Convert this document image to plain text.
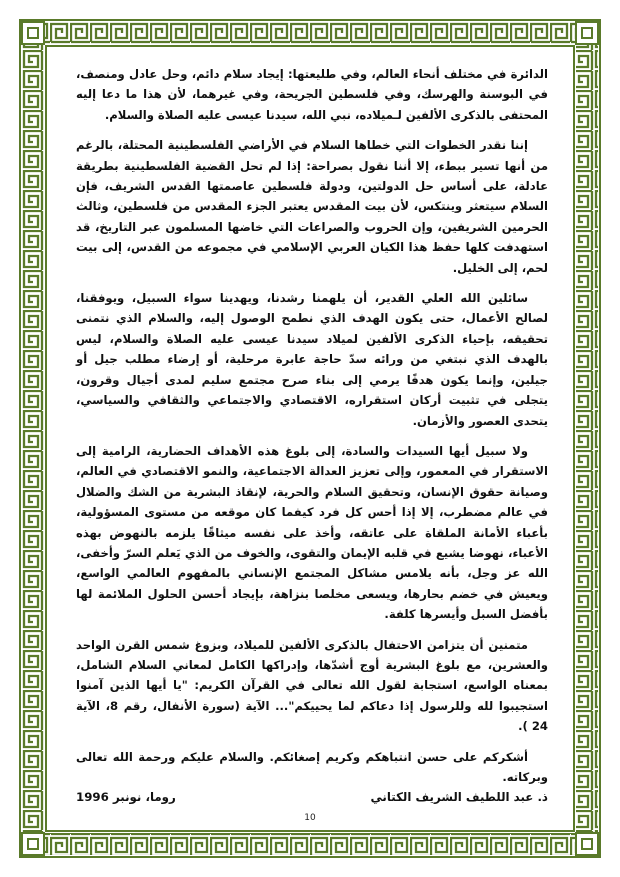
الدائرة في مختلف أنحاء العالم، وفي طليعتها: إيجاد سلام دائم، وحل عادل ومنصف، في البوسنة والهرسك، وفي فلسطين الجريحة، وفي غيرهما، لأن هذا ما دعا إليه المحتفى بالذكرى الألفين لـميلاده، نبي الله، سيدنا عيسى عليه الصلاة والسلام.

إننا نقدر الخطوات التي خطاها السلام في الأراضي الفلسطينية المحتلة، بالرغم من أنها تسير ببطء، إلا أننا نقول بصراحة: إذا لم تحل القضية الفلسطينية بطريقة عادلة، على أساس حل الدولتين، ودولة فلسطين عاصمتها القدس الشريف، فإن السلام سيتعثر وينتكس، لأن بيت المقدس يعتبر الجزء المقدس من فلسطين، وثالث الحرمين الشريفين، وإن الحروب والصراعات التي خاضها المسلمون عبر التاريخ، قد استهدفت كلها حفظ هذا الكيان العربي الإسلامي في مجموعه من القدس، إلى بيت لحم، إلى الخليل.

سائلين الله العلي القدير، أن يلهمنا رشدنا، ويهدينا سواء السبيل، ويوفقنا، لصالح الأعمال، حتى يكون الهدف الذي نطمح الوصول إليه، والسلام الذي نتمنى تحقيقه، بإحياء الذكرى الألفين لميلاد سيدنا عيسى عليه الصلاة والسلام، ليس بالهدف الذي نبتغي من ورائه سدّ حاجة عابرة مرحلية، أو إرضاء مطلب جيل أو جيلين، وإنما يكون هدفًا يرمي إلى بناء صرح مجتمع سليم لمدى أجيال وقرون، يتجلى في تثبيت أركان استقراره، الاقتصادي والاجتماعي والثقافي والسياسي، يتحدى العصور والأزمان.

ولا سبيل أيها السيدات والسادة، إلى بلوغ هذه الأهداف الحضارية، الرامية إلى الاستقرار في المعمور، وإلى تعزيز العدالة الاجتماعية، والنمو الاقتصادي في العالم، وصيانة حقوق الإنسان، وتحقيق السلام والحرية، لإنقاذ البشرية من الشك والضلال في عالم مضطرب، إلا إذا أحس كل فرد كيفما كان موقعه من مستوى المسؤولية، بأعباء الأمانة الملقاة على عاتقه، وأخذ على نفسه ميثاقًا يلزمه بالنهوض بهذه الأعباء، نهوضا يشيع في قلبه الإيمان والتقوى، والخوف من الذي يَعلم السرّ وأخفى، الله عز وجل، بأنه يلامس مشاكل المجتمع الإنساني بالمفهوم العالمي الواسع، ويعيش في خضم بحارها، ويسعى مخلصا بنزاهة، بإيجاد أحسن الحلول الملائمة لها بأفضل السبل وأيسرها كلفة.

متمنين أن يتزامن الاحتفال بالذكرى الألفين للميلاد، وبزوغ شمس القرن الواحد والعشرين، مع بلوغ البشرية أوج أشدّها، وإدراكها الكامل لمعاني السلام الشامل، بمعناه الواسع، استجابة لقول الله تعالى في القرآن الكريم: "يا أيها الذين آمنوا استجيبوا لله وللرسول إذا دعاكم لما يحييكم"... الآية (سورة الأنفال، رقم 8، الآية 24 ).

أشكركم على حسن انتباهكم وكريم إصغائكم. والسلام عليكم ورحمة الله تعالى وبركاته.

ذ. عبد اللطيف الشريف الكتاني
روما، نونبر 1996
10
